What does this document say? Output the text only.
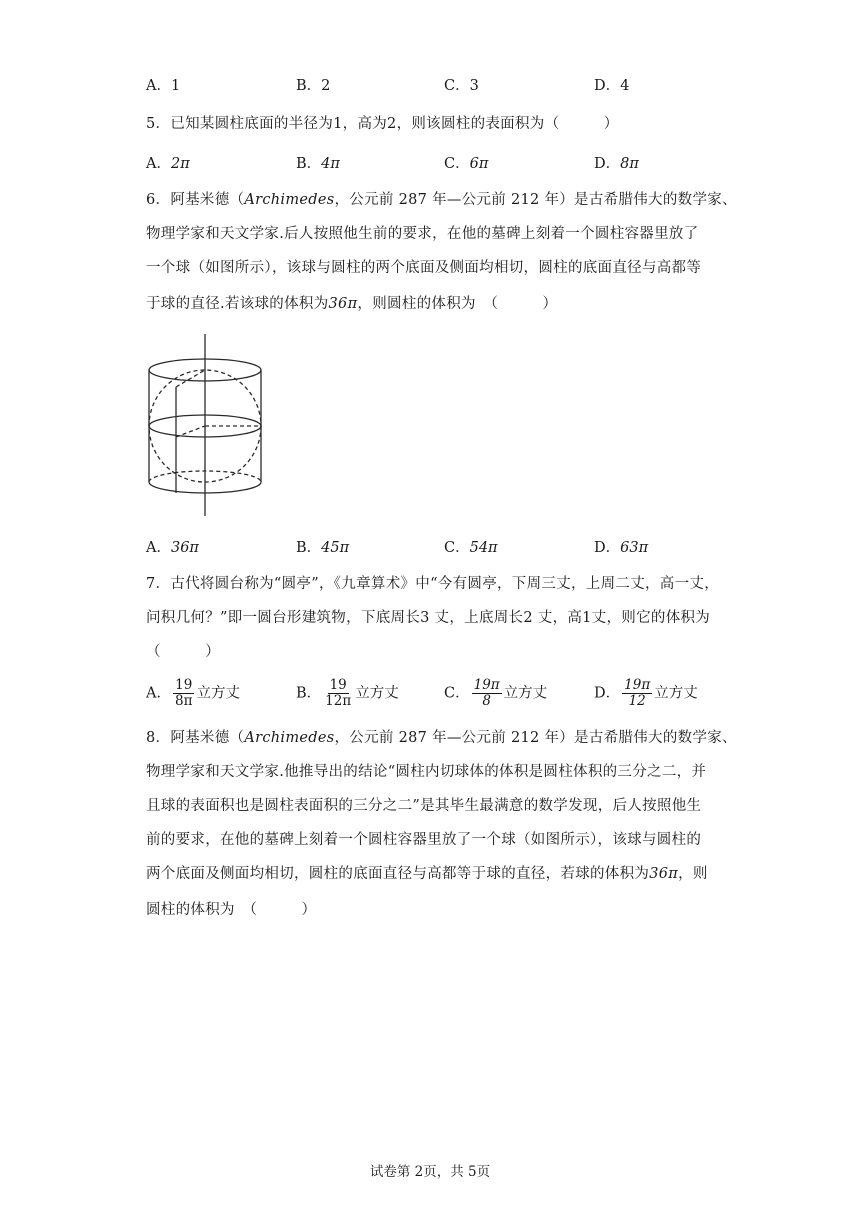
A．1	B．2	C．3	D．4
5．已知某圆柱底面的半径为1，高为2，则该圆柱的表面积为（　　　）
A．2π	B．4π	C．6π	D．8π
6．阿基米德（Archimedes，公元前 287 年—公元前 212 年）是古希腊伟大的数学家、
物理学家和天文学家.后人按照他生前的要求，在他的墓碑上刻着一个圆柱容器里放了
一个球（如图所示），该球与圆柱的两个底面及侧面均相切，圆柱的底面直径与高都等
于球的直径.若该球的体积为36π，则圆柱的体积为　（　　　）
A．36π	B．45π	C．54π	D．63π
7．古代将圆台称为“圆亭”，《九章算术》中“今有圆亭，下周三丈，上周二丈，高一丈，
问积几何？”即一圆台形建筑物，下底周长3 丈，上底周长2 丈，高1丈，则它的体积为
（　　　）
A． $\frac{19}{8\pi}$ 立方丈	B． $\frac{19}{12\pi}$ 立方丈	C． $\frac{19\pi}{8}$ 立方丈	D． $\frac{19\pi}{12}$ 立方丈
8．阿基米德（Archimedes，公元前 287 年—公元前 212 年）是古希腊伟大的数学家、
物理学家和天文学家.他推导出的结论“圆柱内切球体的体积是圆柱体积的三分之二，并
且球的表面积也是圆柱表面积的三分之二”是其毕生最满意的数学发现，后人按照他生
前的要求，在他的墓碑上刻着一个圆柱容器里放了一个球（如图所示），该球与圆柱的
两个底面及侧面均相切，圆柱的底面直径与高都等于球的直径，若球的体积为36π，则
圆柱的体积为　（　　　）
试卷第 2页，共 5页
